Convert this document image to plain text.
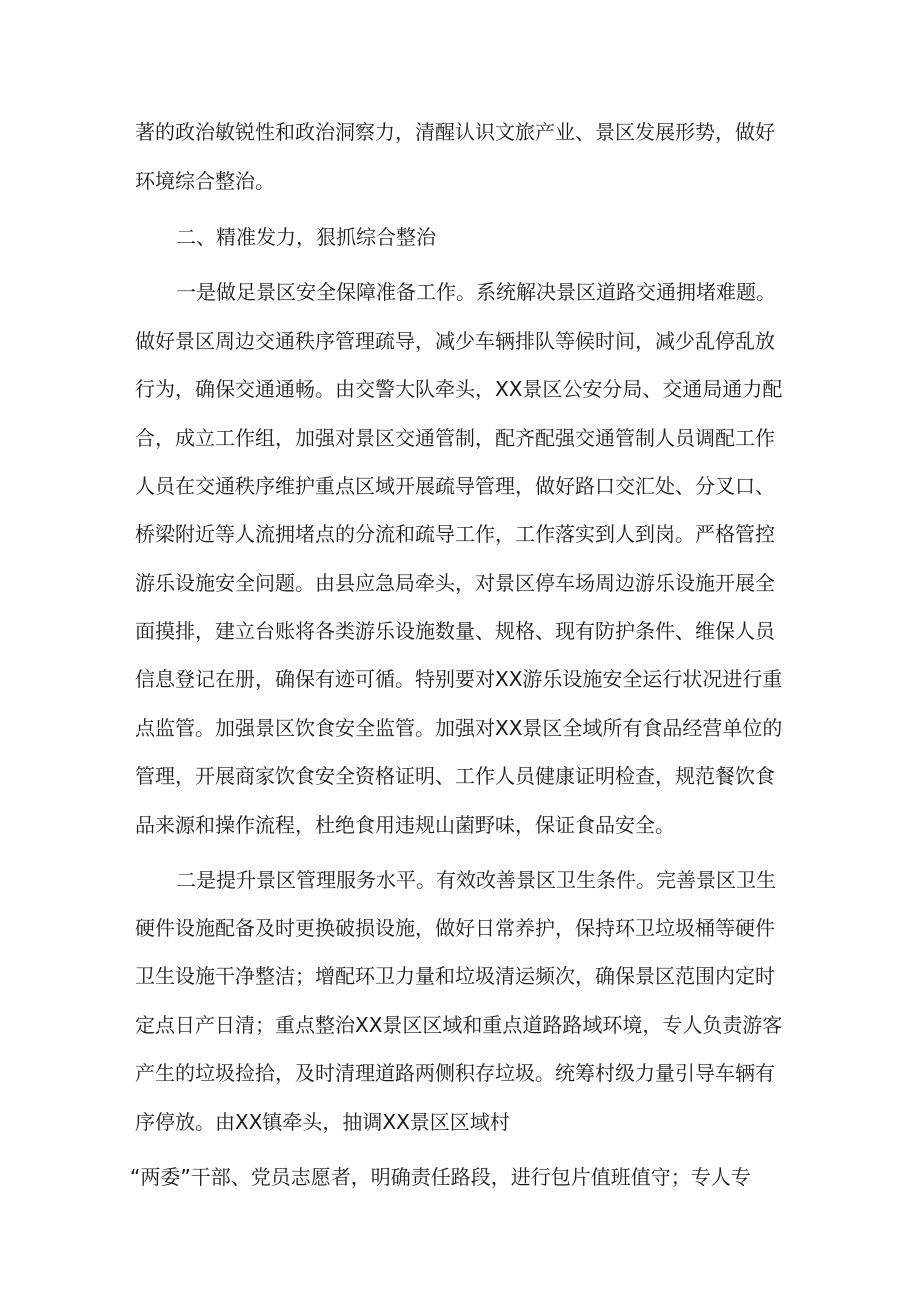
著的政治敏锐性和政治洞察力，清醒认识文旅产业、景区发展形势，做好

环境综合整治。

二、精准发力，狠抓综合整治

一是做足景区安全保障准备工作。系统解决景区道路交通拥堵难题。

做好景区周边交通秩序管理疏导，减少车辆排队等候时间，减少乱停乱放

行为，确保交通通畅。由交警大队牵头，XX景区公安分局、交通局通力配

合，成立工作组，加强对景区交通管制，配齐配强交通管制人员调配工作

人员在交通秩序维护重点区域开展疏导管理，做好路口交汇处、分叉口、

桥梁附近等人流拥堵点的分流和疏导工作，工作落实到人到岗。严格管控

游乐设施安全问题。由县应急局牵头，对景区停车场周边游乐设施开展全

面摸排，建立台账将各类游乐设施数量、规格、现有防护条件、维保人员

信息登记在册，确保有迹可循。特别要对XX游乐设施安全运行状况进行重

点监管。加强景区饮食安全监管。加强对XX景区全域所有食品经营单位的

管理，开展商家饮食安全资格证明、工作人员健康证明检查，规范餐饮食

品来源和操作流程，杜绝食用违规山菌野味，保证食品安全。

二是提升景区管理服务水平。有效改善景区卫生条件。完善景区卫生

硬件设施配备及时更换破损设施，做好日常养护，保持环卫垃圾桶等硬件

卫生设施干净整洁；增配环卫力量和垃圾清运频次，确保景区范围内定时

定点日产日清；重点整治XX景区区域和重点道路路域环境，专人负责游客

产生的垃圾捡拾，及时清理道路两侧积存垃圾。统筹村级力量引导车辆有

序停放。由XX镇牵头，抽调XX景区区域村

“两委”干部、党员志愿者，明确责任路段，进行包片值班值守；专人专
